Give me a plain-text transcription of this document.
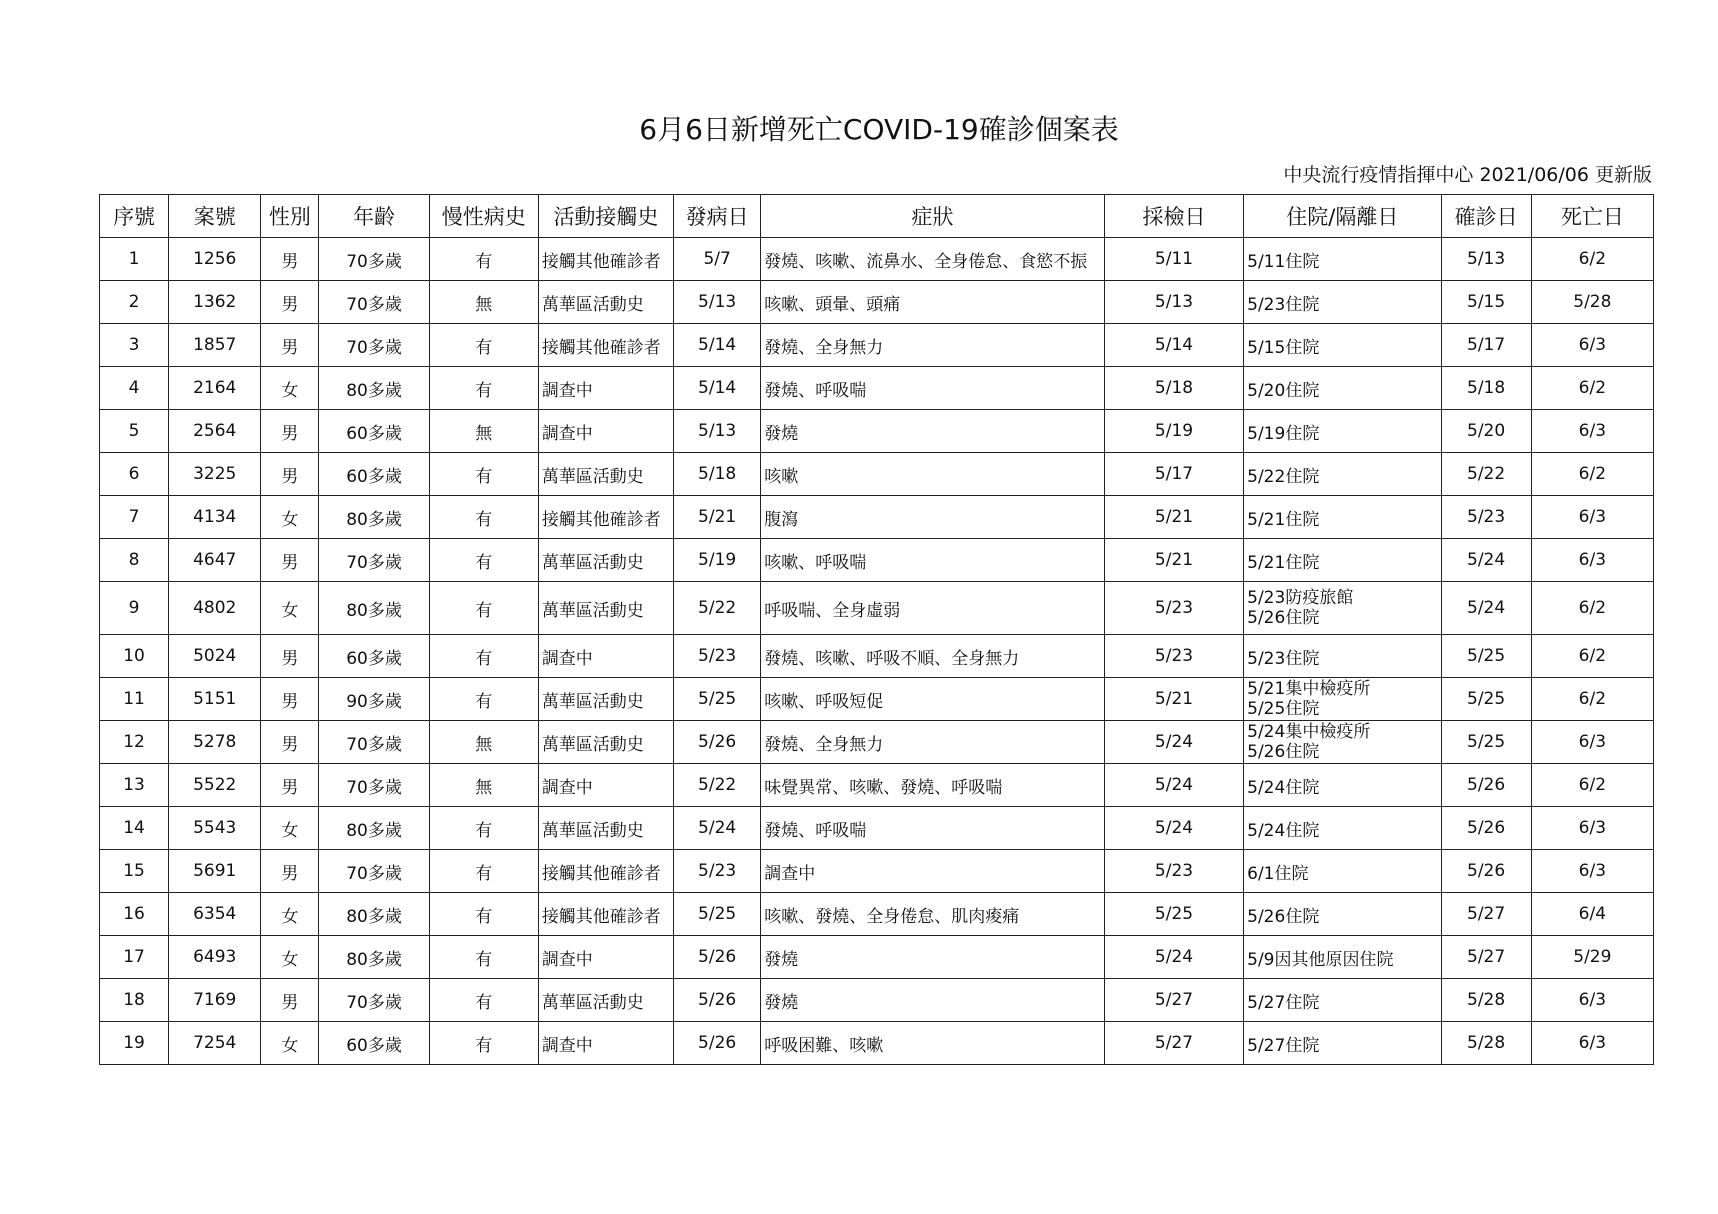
6月6日新增死亡COVID-19確診個案表
中央流行疫情指揮中心 2021/06/06 更新版
序號	案號	性別	年齡	慢性病史	活動接觸史	發病日	症狀	採檢日	住院/隔離日	確診日	死亡日
1	1256	男	70多歲	有	接觸其他確診者	5/7	發燒、咳嗽、流鼻水、全身倦怠、食慾不振	5/11	5/11住院	5/13	6/2
2	1362	男	70多歲	無	萬華區活動史	5/13	咳嗽、頭暈、頭痛	5/13	5/23住院	5/15	5/28
3	1857	男	70多歲	有	接觸其他確診者	5/14	發燒、全身無力	5/14	5/15住院	5/17	6/3
4	2164	女	80多歲	有	調查中	5/14	發燒、呼吸喘	5/18	5/20住院	5/18	6/2
5	2564	男	60多歲	無	調查中	5/13	發燒	5/19	5/19住院	5/20	6/3
6	3225	男	60多歲	有	萬華區活動史	5/18	咳嗽	5/17	5/22住院	5/22	6/2
7	4134	女	80多歲	有	接觸其他確診者	5/21	腹瀉	5/21	5/21住院	5/23	6/3
8	4647	男	70多歲	有	萬華區活動史	5/19	咳嗽、呼吸喘	5/21	5/21住院	5/24	6/3
9	4802	女	80多歲	有	萬華區活動史	5/22	呼吸喘、全身虛弱	5/23	5/23防疫旅館
5/26住院	5/24	6/2
10	5024	男	60多歲	有	調查中	5/23	發燒、咳嗽、呼吸不順、全身無力	5/23	5/23住院	5/25	6/2
11	5151	男	90多歲	有	萬華區活動史	5/25	咳嗽、呼吸短促	5/21	5/21集中檢疫所
5/25住院	5/25	6/2
12	5278	男	70多歲	無	萬華區活動史	5/26	發燒、全身無力	5/24	5/24集中檢疫所
5/26住院	5/25	6/3
13	5522	男	70多歲	無	調查中	5/22	味覺異常、咳嗽、發燒、呼吸喘	5/24	5/24住院	5/26	6/2
14	5543	女	80多歲	有	萬華區活動史	5/24	發燒、呼吸喘	5/24	5/24住院	5/26	6/3
15	5691	男	70多歲	有	接觸其他確診者	5/23	調查中	5/23	6/1住院	5/26	6/3
16	6354	女	80多歲	有	接觸其他確診者	5/25	咳嗽、發燒、全身倦怠、肌肉痠痛	5/25	5/26住院	5/27	6/4
17	6493	女	80多歲	有	調查中	5/26	發燒	5/24	5/9因其他原因住院	5/27	5/29
18	7169	男	70多歲	有	萬華區活動史	5/26	發燒	5/27	5/27住院	5/28	6/3
19	7254	女	60多歲	有	調查中	5/26	呼吸困難、咳嗽	5/27	5/27住院	5/28	6/3
